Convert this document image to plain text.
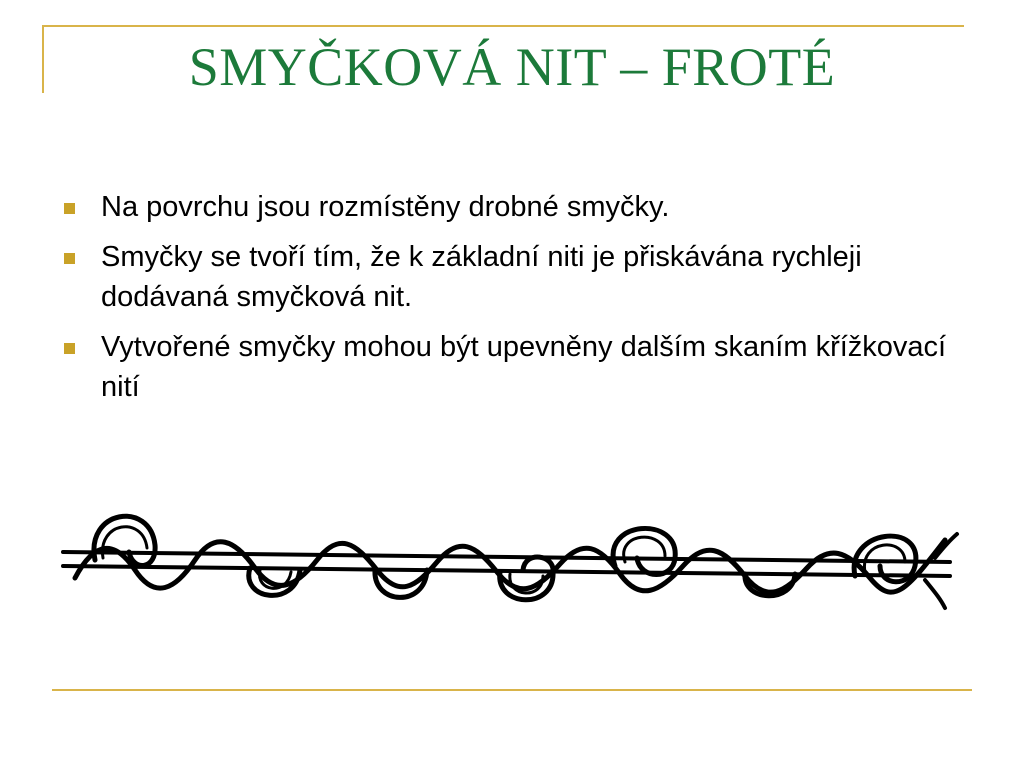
SMYČKOVÁ NIT – FROTÉ
Na povrchu jsou rozmístěny drobné smyčky.
Smyčky se tvoří tím, že k základní niti je přiskávána rychleji dodávaná smyčková nit.
Vytvořené smyčky mohou být upevněny dalším skaním křížkovací nití
